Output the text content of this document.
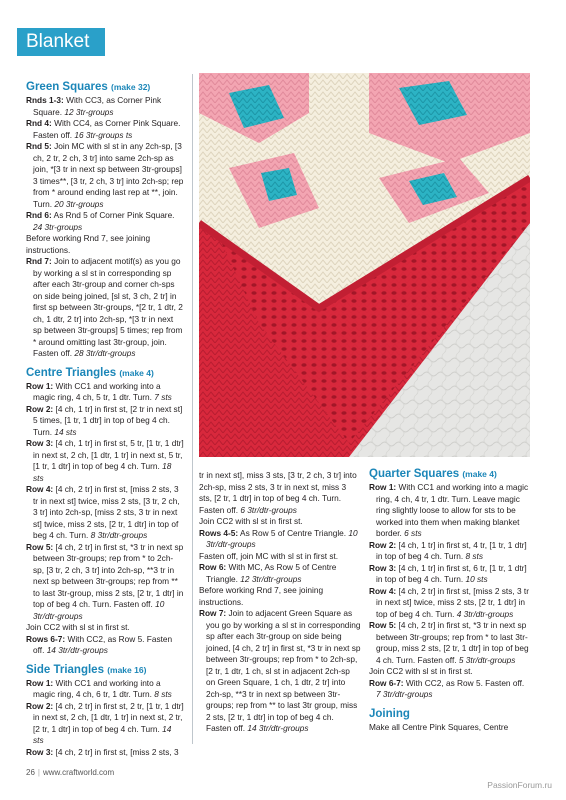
Blanket
Green Squares (make 32)

Rnds 1-3: With CC3, as Corner Pink Square. 12 3tr-groups

Rnd 4: With CC4, as Corner Pink Square. Fasten off. 16 3tr-groups ts

Rnd 5: Join MC with sl st in any 2ch-sp, [3 ch, 2 tr, 2 ch, 3 tr] into same 2ch-sp as join, *[3 tr in next sp between 3tr-groups] 3 times**, [3 tr, 2 ch, 3 tr] into 2ch-sp; rep from * around ending last rep at **, join. Turn. 20 3tr-groups

Rnd 6: As Rnd 5 of Corner Pink Square. 24 3tr-groups

Before working Rnd 7, see joining instructions.

Rnd 7: Join to adjacent motif(s) as you go by working a sl st in corresponding sp after each 3tr-group and corner ch-sps on side being joined, [sl st, 3 ch, 2 tr] in first sp between 3tr-groups, *[2 tr, 1 dtr, 2 ch, 1 dtr, 2 tr] into 2ch-sp, *[3 tr in next sp between 3tr-groups] 5 times; rep from * around omitting last 3tr-group, join. Fasten off. 28 3tr/dtr-groups

Centre Triangles (make 4)

Row 1: With CC1 and working into a magic ring, 4 ch, 5 tr, 1 dtr. Turn. 7 sts

Row 2: [4 ch, 1 tr] in first st, [2 tr in next st] 5 times, [1 tr, 1 dtr] in top of beg 4 ch. Turn. 14 sts

Row 3: [4 ch, 1 tr] in first st, 5 tr, [1 tr, 1 dtr] in next st, 2 ch, [1 dtr, 1 tr] in next st, 5 tr, [1 tr, 1 dtr] in top of beg 4 ch. Turn. 18 sts

Row 4: [4 ch, 2 tr] in first st, [miss 2 sts, 3 tr in next st] twice, miss 2 sts, [3 tr, 2 ch, 3 tr] into 2ch-sp, [miss 2 sts, 3 tr in next st] twice, miss 2 sts, [2 tr, 1 dtr] in top of beg 4 ch. Turn. 8 3tr/dtr-groups

Row 5: [4 ch, 2 tr] in first st, *3 tr in next sp between 3tr-groups; rep from * to 2ch-sp, [3 tr, 2 ch, 3 tr] into 2ch-sp, **3 tr in next sp between 3tr-groups; rep from ** to last 3tr-group, miss 2 sts, [2 tr, 1 dtr] in top of beg 4 ch. Turn. Fasten off. 10 3tr/dtr-groups

Join CC2 with sl st in first st.

Rows 6-7: With CC2, as Row 5. Fasten off. 14 3tr/dtr-groups

Side Triangles (make 16)

Row 1: With CC1 and working into a magic ring, 4 ch, 6 tr, 1 dtr. Turn. 8 sts

Row 2: [4 ch, 2 tr] in first st, 2 tr, [1 tr, 1 dtr] in next st, 2 ch, [1 dtr, 1 tr] in next st, 2 tr, [2 tr, 1 dtr] in top of beg 4 ch. Turn. 14 sts

Row 3: [4 ch, 2 tr] in first st, [miss 2 sts, 3

tr in next st], miss 3 sts, [3 tr, 2 ch, 3 tr] into 2ch-sp, miss 2 sts, 3 tr in next st, miss 3 sts, [2 tr, 1 dtr] in top of beg 4 ch. Turn. Fasten off. 6 3tr/dtr-groups

Join CC2 with sl st in first st.

Rows 4-5: As Row 5 of Centre Triangle. 10 3tr/dtr-groups

Fasten off, join MC with sl st in first st.

Row 6: With MC, As Row 5 of Centre Triangle. 12 3tr/dtr-groups

Before working Rnd 7, see joining instructions.

Row 7: Join to adjacent Green Square as you go by working a sl st in corresponding sp after each 3tr-group on side being joined, [4 ch, 2 tr] in first st, *3 tr in next sp between 3tr-groups; rep from * to 2ch-sp, [2 tr, 1 dtr, 1 ch, sl st in adjacent 2ch-sp on Green Square, 1 ch, 1 dtr, 2 tr] into 2ch-sp, **3 tr in next sp between 3tr-groups; rep from ** to last 3tr group, miss 2 sts, [2 tr, 1 dtr] in top of beg 4 ch. Fasten off. 14 3tr/dtr-groups

Quarter Squares (make 4)

Row 1: With CC1 and working into a magic ring, 4 ch, 4 tr, 1 dtr. Turn. Leave magic ring slightly loose to allow for sts to be worked into them when making blanket border. 6 sts

Row 2: [4 ch, 1 tr] in first st, 4 tr, [1 tr, 1 dtr] in top of beg 4 ch. Turn. 8 sts

Row 3: [4 ch, 1 tr] in first st, 6 tr, [1 tr, 1 dtr] in top of beg 4 ch. Turn. 10 sts

Row 4: [4 ch, 2 tr] in first st, [miss 2 sts, 3 tr in next st] twice, miss 2 sts, [2 tr, 1 dtr] in top of beg 4 ch. Turn. 4 3tr/dtr-groups

Row 5: [4 ch, 2 tr] in first st, *3 tr in next sp between 3tr-groups; rep from * to last 3tr-group, miss 2 sts, [2 tr, 1 dtr] in top of beg 4 ch. Turn. Fasten off. 5 3tr/dtr-groups

Join CC2 with sl st in first st.

Row 6-7: With CC2, as Row 5. Fasten off. 7 3tr/dtr-groups

Joining

Make all Centre Pink Squares, Centre

26 | www.craftworld.com
PassionForum.ru
